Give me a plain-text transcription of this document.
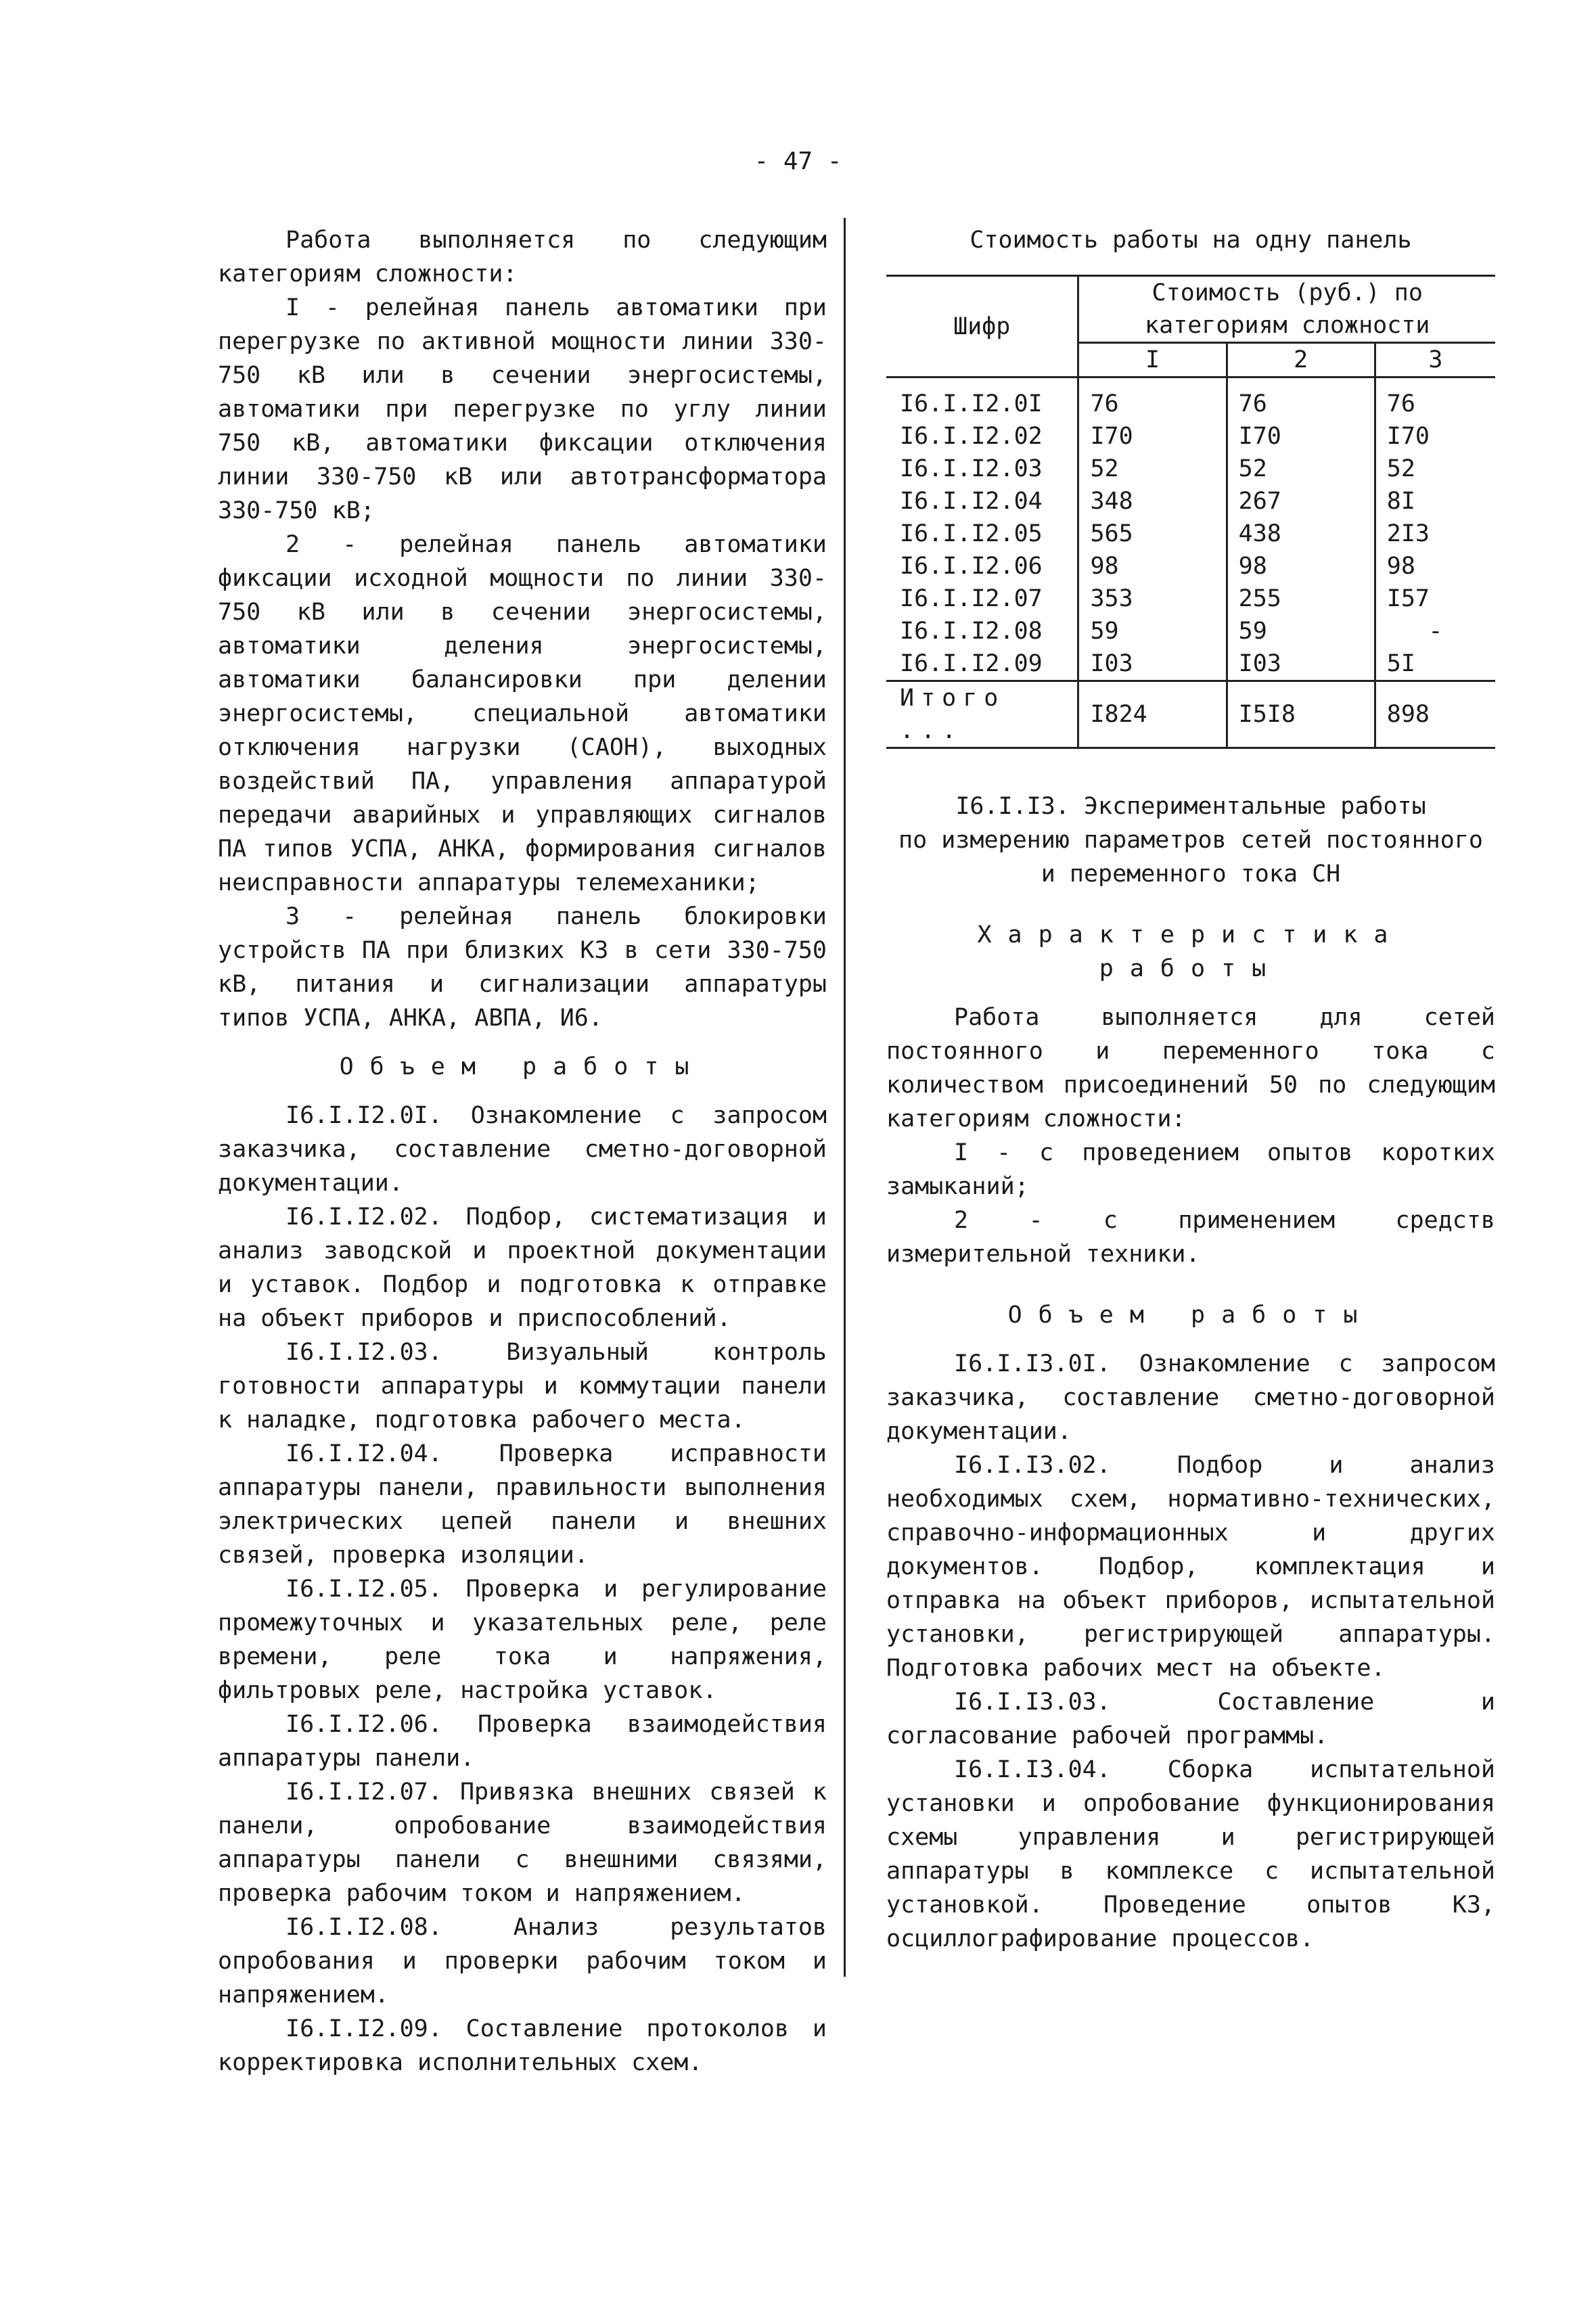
- 47 -

Работа выполняется по следующим категориям сложности:

I - релейная панель автоматики при перегрузке по активной мощности линии 330-750 кВ или в сечении энергосистемы, автоматики при перегрузке по углу линии 750 кВ, автоматики фиксации отключения линии 330-750 кВ или автотрансформатора 330-750 кВ;

2 - релейная панель автоматики фиксации исходной мощности по линии 330-750 кВ или в сечении энергосистемы, автоматики деления энергосистемы, автоматики балансировки при делении энергосистемы, специальной автоматики отключения нагрузки (САОН), выходных воздействий ПА, управления аппаратурой передачи аварийных и управляющих сигналов ПА типов УСПА, АНКА, формирования сигналов неисправности аппаратуры телемеханики;

3 - релейная панель блокировки устройств ПА при близких КЗ в сети 330-750 кВ, питания и сигнализации аппаратуры типов УСПА, АНКА, АВПА, И6.

Объем работы

I6.I.I2.0I. Ознакомление с запросом заказчика, составление сметно-договорной документации.

I6.I.I2.02. Подбор, систематизация и анализ заводской и проектной документации и уставок. Подбор и подготовка к отправке на объект приборов и приспособлений.

I6.I.I2.03. Визуальный контроль готовности аппаратуры и коммутации панели к наладке, подготовка рабочего места.

I6.I.I2.04. Проверка исправности аппаратуры панели, правильности выполнения электрических цепей панели и внешних связей, проверка изоляции.

I6.I.I2.05. Проверка и регулирование промежуточных и указательных реле, реле времени, реле тока и напряжения, фильтровых реле, настройка уставок.

I6.I.I2.06. Проверка взаимодействия аппаратуры панели.

I6.I.I2.07. Привязка внешних связей к панели, опробование взаимодействия аппаратуры панели с внешними связями, проверка рабочим током и напряжением.

I6.I.I2.08. Анализ результатов опробования и проверки рабочим током и напряжением.

I6.I.I2.09. Составление протоколов и корректировка исполнительных схем.

Стоимость работы на одну панель

Шифр	Стоимость (руб.) по категориям сложности		
	I	2	3
I6.I.I2.0I	76	76	76
I6.I.I2.02	I70	I70	I70
I6.I.I2.03	52	52	52
I6.I.I2.04	348	267	8I
I6.I.I2.05	565	438	2I3
I6.I.I2.06	98	98	98
I6.I.I2.07	353	255	I57
I6.I.I2.08	59	59	-
I6.I.I2.09	I03	I03	5I
Итого ...	I824	I5I8	898

I6.I.I3. Экспериментальные работы

по измерению параметров сетей постоянного

и переменного тока СН

Характеристика работы

Работа выполняется для сетей постоянного и переменного тока с количеством присоединений 50 по следующим категориям сложности:

I - с проведением опытов коротких замыканий;

2 - с применением средств измерительной техники.

Объем работы

I6.I.I3.0I. Ознакомление с запросом заказчика, составление сметно-договорной документации.

I6.I.I3.02. Подбор и анализ необходимых схем, нормативно-технических, справочно-информационных и других документов. Подбор, комплектация и отправка на объект приборов, испытательной установки, регистрирующей аппаратуры. Подготовка рабочих мест на объекте.

I6.I.I3.03. Составление и согласование рабочей программы.

I6.I.I3.04. Сборка испытательной установки и опробование функционирования схемы управления и регистрирующей аппаратуры в комплексе с испытательной установкой. Проведение опытов КЗ, осциллографирование процессов.
